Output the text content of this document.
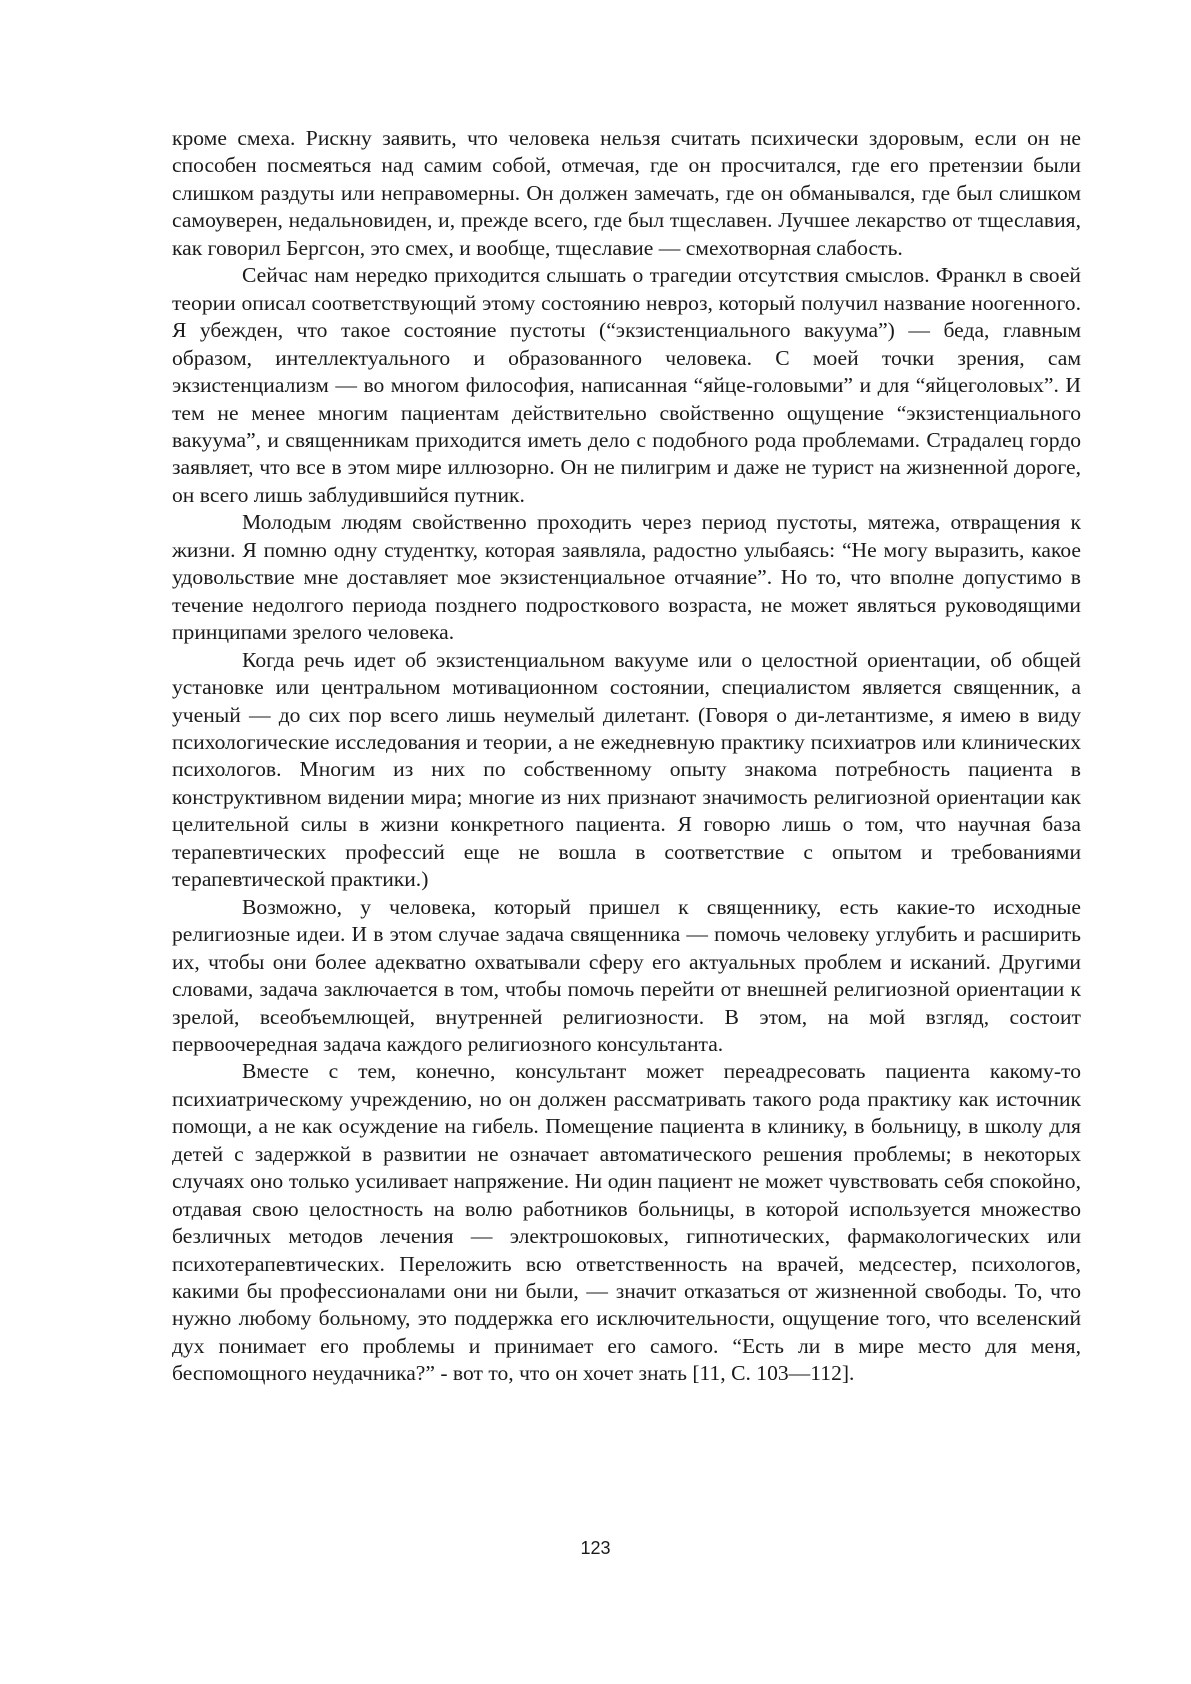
кроме смеха. Рискну заявить, что человека нельзя считать психически здоровым, если он не способен посмеяться над самим собой, отмечая, где он просчитался, где его претензии были слишком раздуты или неправомерны. Он должен замечать, где он обманывался, где был слишком самоуверен, недальновиден, и, прежде всего, где был тщеславен. Лучшее лекарство от тщеславия, как говорил Бергсон, это смех, и вообще, тщеславие — смехотворная слабость.

Сейчас нам нередко приходится слышать о трагедии отсутствия смыслов. Франкл в своей теории описал соответствующий этому состоянию невроз, который получил название ноогенного. Я убежден, что такое состояние пустоты (“экзистенциального вакуума”) — беда, главным образом, интеллектуального и образованного человека. С моей точки зрения, сам экзистенциализм — во многом философия, написанная “яйце-головыми” и для “яйцеголовых”. И тем не менее многим пациентам действительно свойственно ощущение “экзистенциального вакуума”, и священникам приходится иметь дело с подобного рода проблемами. Страдалец гордо заявляет, что все в этом мире иллюзорно. Он не пилигрим и даже не турист на жизненной дороге, он всего лишь заблудившийся путник.

Молодым людям свойственно проходить через период пустоты, мятежа, отвращения к жизни. Я помню одну студентку, которая заявляла, радостно улыбаясь: “Не могу выразить, какое удовольствие мне доставляет мое экзистенциальное отчаяние”. Но то, что вполне допустимо в течение недолгого периода позднего подросткового возраста, не может являться руководящими принципами зрелого человека.

Когда речь идет об экзистенциальном вакууме или о целостной ориентации, об общей установке или центральном мотивационном состоянии, специалистом является священник, а ученый — до сих пор всего лишь неумелый дилетант. (Говоря о ди-летантизме, я имею в виду психологические исследования и теории, а не ежедневную практику психиатров или клинических психологов. Многим из них по собственному опыту знакома потребность пациента в конструктивном видении мира; многие из них признают значимость религиозной ориентации как целительной силы в жизни конкретного пациента. Я говорю лишь о том, что научная база терапевтических профессий еще не вошла в соответствие с опытом и требованиями терапевтической практики.)

Возможно, у человека, который пришел к священнику, есть какие-то исходные религиозные идеи. И в этом случае задача священника — помочь человеку углубить и расширить их, чтобы они более адекватно охватывали сферу его актуальных проблем и исканий. Другими словами, задача заключается в том, чтобы помочь перейти от внешней религиозной ориентации к зрелой, всеобъемлющей, внутренней религиозности. В этом, на мой взгляд, состоит первоочередная задача каждого религиозного консультанта.

Вместе с тем, конечно, консультант может переадресовать пациента какому-то психиатрическому учреждению, но он должен рассматривать такого рода практику как источник помощи, а не как осуждение на гибель. Помещение пациента в клинику, в больницу, в школу для детей с задержкой в развитии не означает автоматического решения проблемы; в некоторых случаях оно только усиливает напряжение. Ни один пациент не может чувствовать себя спокойно, отдавая свою целостность на волю работников больницы, в которой используется множество безличных методов лечения — электрошоковых, гипнотических, фармакологических или психотерапевтических. Переложить всю ответственность на врачей, медсестер, психологов, какими бы профессионалами они ни были, — значит отказаться от жизненной свободы. То, что нужно любому больному, это поддержка его исключительности, ощущение того, что вселенский дух понимает его проблемы и принимает его самого. “Есть ли в мире место для меня, беспомощного неудачника?” - вот то, что он хочет знать [11, С. 103—112].

123
